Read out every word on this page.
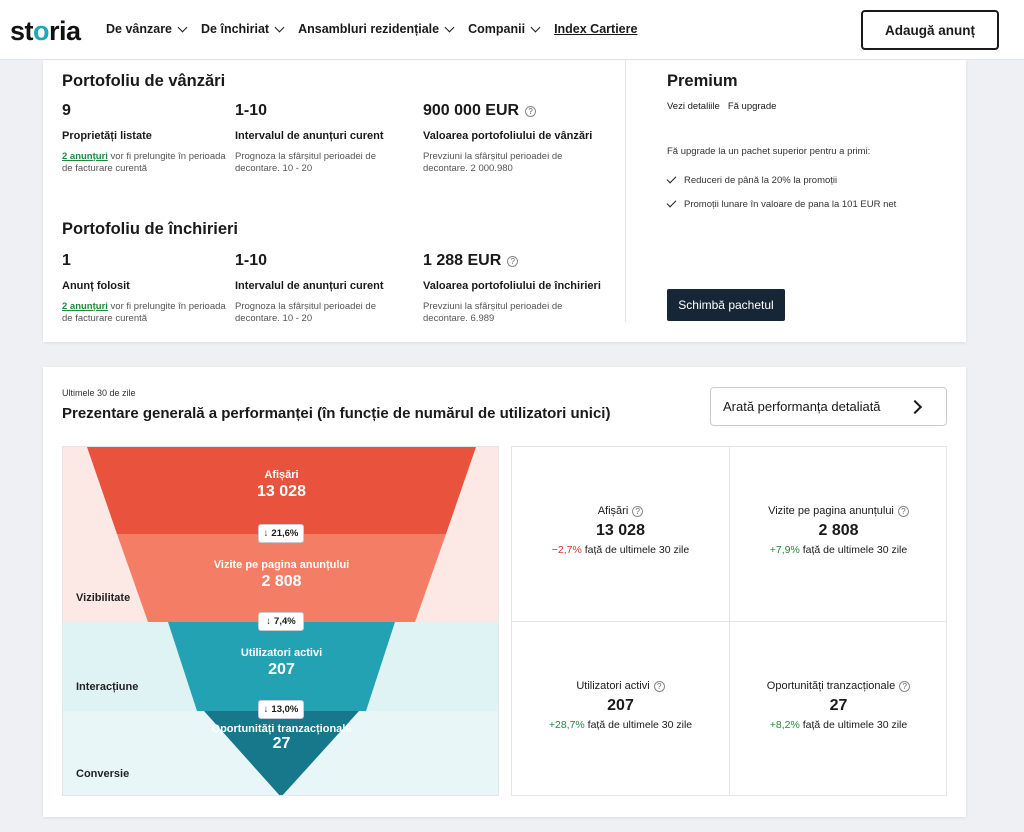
storia De vânzare De închiriat Ansambluri rezidențiale Companii Index Cartiere	Adaugă anunț
Portofoliu de vânzări
9
Proprietăți listate
2 anunțuri vor fi prelungite în perioada de facturare curentă
1-10
Intervalul de anunțuri curent
Prognoza la sfârșitul perioadei de decontare. 10 - 20
900 000 EUR	?
Valoarea portofoliului de vânzări
Prevziuni la sfârșitul perioadei de decontare. 2 000.980
Portofoliu de închirieri
1
Anunț folosit
2 anunțuri vor fi prelungite în perioada de facturare curentă
1-10
Intervalul de anunțuri curent
Prognoza la sfârșitul perioadei de decontare. 10 - 20
1 288 EUR	?
Valoarea portofoliului de închirieri
Prevziuni la sfârșitul perioadei de decontare. 6.989
Premium
Vezi detaliile Fă upgrade
Fă upgrade la un pachet superior pentru a primi:
Reduceri de până la 20% la promoții
Promoții lunare în valoare de pana la 101 EUR net
Schimbă pachetul
Ultimele 30 de zile
Prezentare generală a performanței (în funcție de numărul de utilizatori unici)	Arată performanța detaliată
Vizibilitate
Interacțiune
Conversie
Afișări
13 028
Vizite pe pagina anunțului
2 808
Utilizatori activi
207
Oportunități tranzacționale
27
↓ 21,6%
↓ 7,4%
↓ 13,0%
Afișări ?
13 028
−2,7% față de ultimele 30 zile
Vizite pe pagina anunțului ?
2 808
+7,9% față de ultimele 30 zile
Utilizatori activi ?
207
+28,7% față de ultimele 30 zile
Oportunități tranzacționale ?
27
+8,2% față de ultimele 30 zile
